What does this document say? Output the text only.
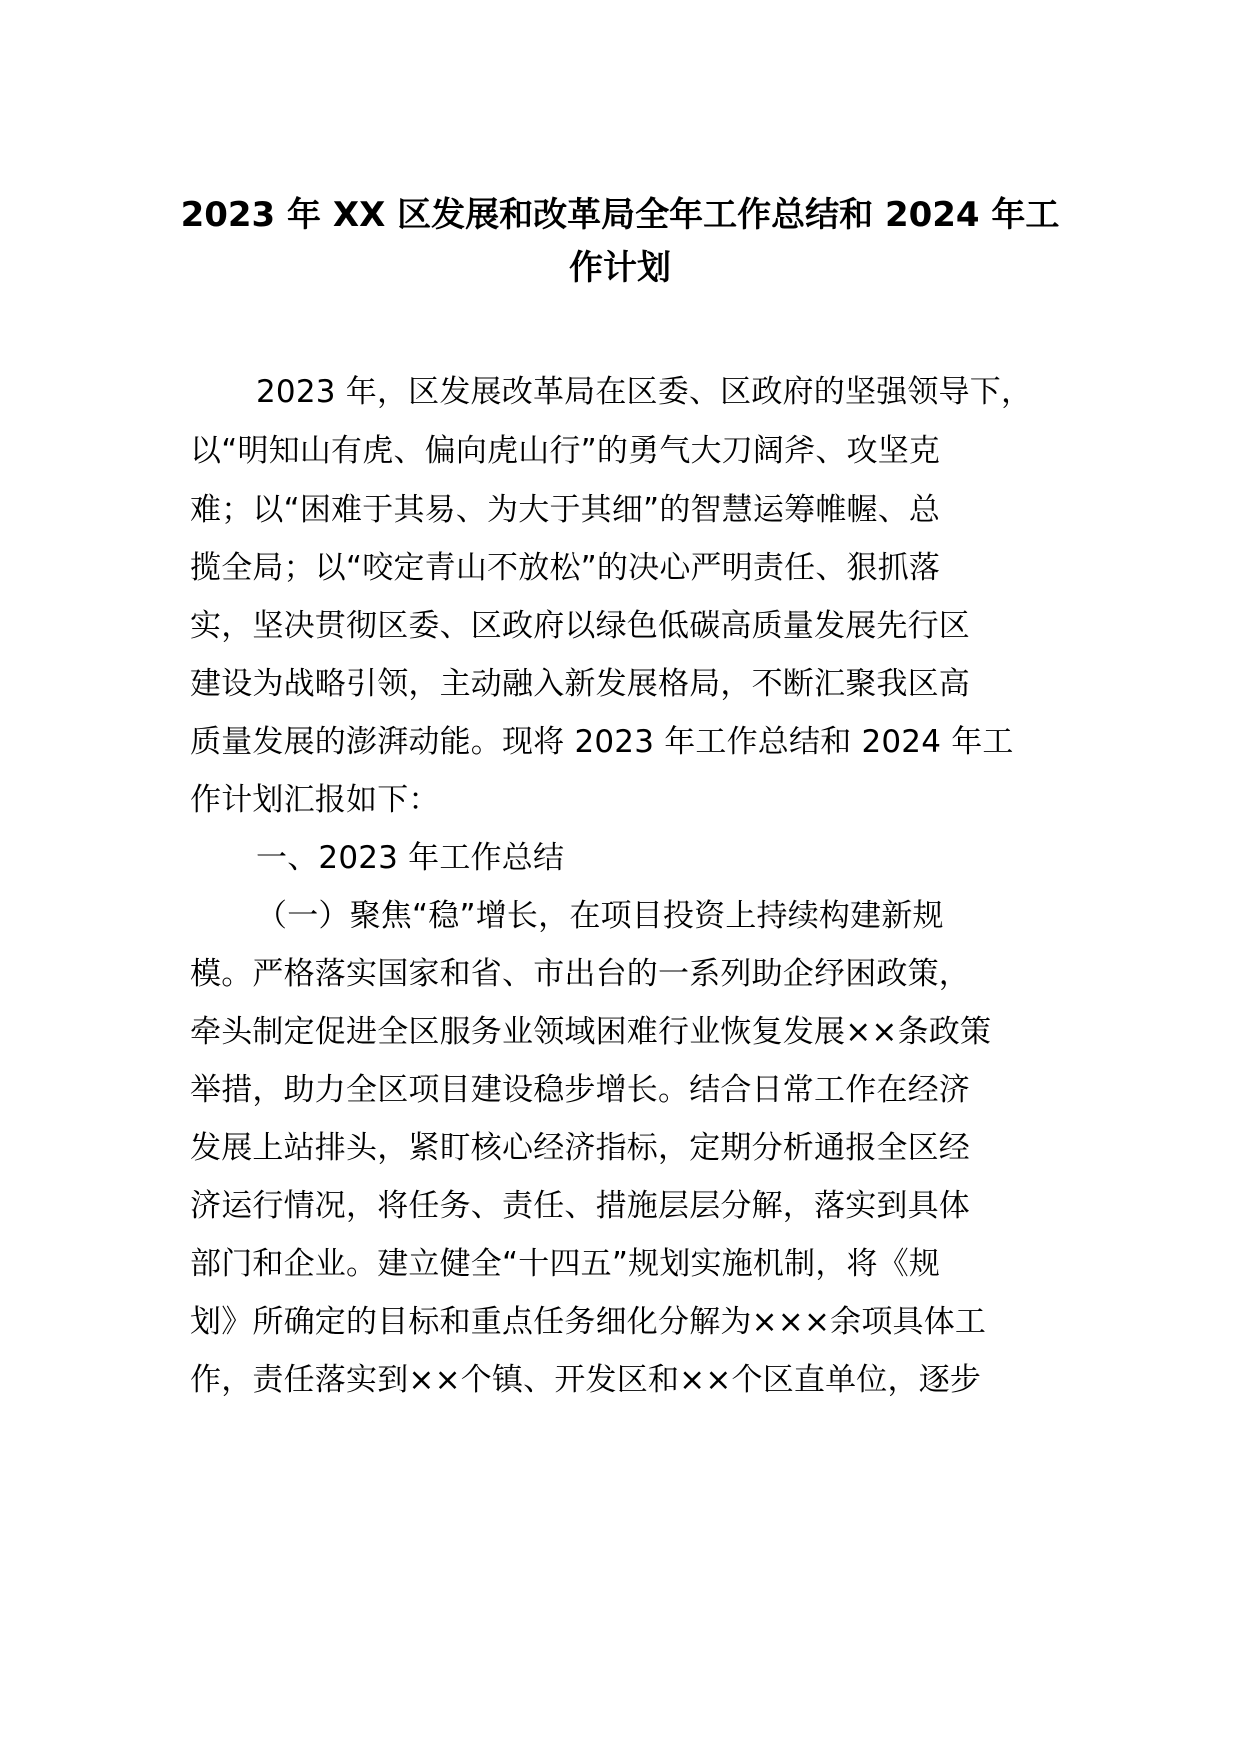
2023 年 XX 区发展和改革局全年工作总结和 2024 年工
作计划

2023 年，区发展改革局在区委、区政府的坚强领导下，

以“明知山有虎、偏向虎山行”的勇气大刀阔斧、攻坚克

难；以“困难于其易、为大于其细”的智慧运筹帷幄、总

揽全局；以“咬定青山不放松”的决心严明责任、狠抓落

实，坚决贯彻区委、区政府以绿色低碳高质量发展先行区

建设为战略引领，主动融入新发展格局，不断汇聚我区高

质量发展的澎湃动能。现将 2023 年工作总结和 2024 年工

作计划汇报如下：

一、2023 年工作总结

（一）聚焦“稳”增长，在项目投资上持续构建新规

模。严格落实国家和省、市出台的一系列助企纾困政策，

牵头制定促进全区服务业领域困难行业恢复发展××条政策

举措，助力全区项目建设稳步增长。结合日常工作在经济

发展上站排头，紧盯核心经济指标，定期分析通报全区经

济运行情况，将任务、责任、措施层层分解，落实到具体

部门和企业。建立健全“十四五”规划实施机制，将《规

划》所确定的目标和重点任务细化分解为×××余项具体工

作，责任落实到××个镇、开发区和××个区直单位，逐步
